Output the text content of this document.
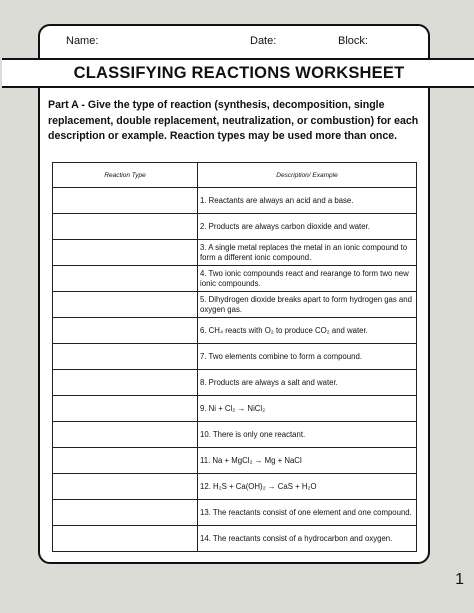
Name:	Date:	Block:
CLASSIFYING REACTIONS WORKSHEET
Part A - Give the type of reaction (synthesis, decomposition, single replacement, double replacement, neutralization, or combustion) for each description or example. Reaction types may be used more than once.
Reaction Type	Description/ Example
	1. Reactants are always an acid and a base.
	2. Products are always carbon dioxide and water.
	3. A single metal replaces the metal in an ionic compound to form a different ionic compound.
	4. Two ionic compounds react and rearange to form two new ionic compounds.
	5. Dihydrogen dioxide breaks apart to form hydrogen gas and oxygen gas.
	6. CH₄ reacts with O₂ to produce CO₂ and water.
	7. Two elements combine to form a compound.
	8. Products are always a salt and water.
	9. Ni + Cl₂ → NiCl₂
	10. There is only one reactant.
	11. Na + MgCl₂ → Mg + NaCl
	12. H₂S + Ca(OH)₂ → CaS + H₂O
	13. The reactants consist of one element and one compound.
	14. The reactants consist of a hydrocarbon and oxygen.
1
